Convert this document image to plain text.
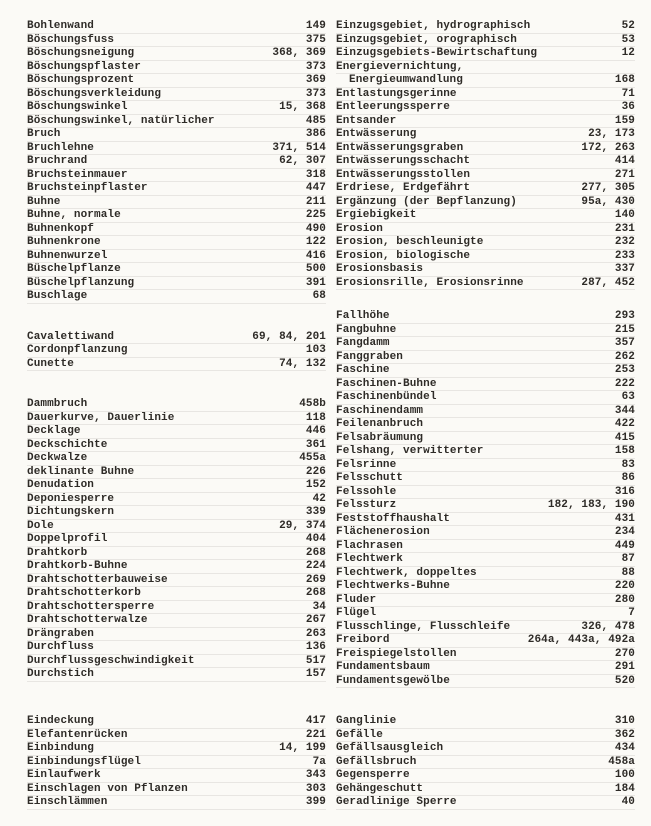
Bohlenwand	149
Böschungsfuss	375
Böschungsneigung	368, 369
Böschungspflaster	373
Böschungsprozent	369
Böschungsverkleidung	373
Böschungswinkel	15, 368
Böschungswinkel, natürlicher	485
Bruch	386
Bruchlehne	371, 514
Bruchrand	62, 307
Bruchsteinmauer	318
Bruchsteinpflaster	447
Buhne	211
Buhne, normale	225
Buhnenkopf	490
Buhnenkrone	122
Buhnenwurzel	416
Büschelpflanze	500
Büschelpflanzung	391
Buschlage	68
Cavalettiwand	69, 84, 201
Cordonpflanzung	103
Cunette	74, 132
Dammbruch	458b
Dauerkurve, Dauerlinie	118
Decklage	446
Deckschichte	361
Deckwalze	455a
deklinante Buhne	226
Denudation	152
Deponiesperre	42
Dichtungskern	339
Dole	29, 374
Doppelprofil	404
Drahtkorb	268
Drahtkorb-Buhne	224
Drahtschotterbauweise	269
Drahtschotterkorb	268
Drahtschottersperre	34
Drahtschotterwalze	267
Drängraben	263
Durchfluss	136
Durchflussgeschwindigkeit	517
Durchstich	157
Eindeckung	417
Elefantenrücken	221
Einbindung	14, 199
Einbindungsflügel	7a
Einlaufwerk	343
Einschlagen von Pflanzen	303
Einschlämmen	399
Einzugsgebiet, hydrographisch	52
Einzugsgebiet, orographisch	53
Einzugsgebiets-Bewirtschaftung	12
Energievernichtung,
Energieumwandlung	168
Entlastungsgerinne	71
Entleerungssperre	36
Entsander	159
Entwässerung	23, 173
Entwässerungsgraben	172, 263
Entwässerungsschacht	414
Entwässerungsstollen	271
Erdriese, Erdgefährt	277, 305
Ergänzung (der Bepflanzung)	95a, 430
Ergiebigkeit	140
Erosion	231
Erosion, beschleunigte	232
Erosion, biologische	233
Erosionsbasis	337
Erosionsrille, Erosionsrinne	287, 452
Fallhöhe	293
Fangbuhne	215
Fangdamm	357
Fanggraben	262
Faschine	253
Faschinen-Buhne	222
Faschinenbündel	63
Faschinendamm	344
Feilenanbruch	422
Felsabräumung	415
Felshang, verwitterter	158
Felsrinne	83
Felsschutt	86
Felssohle	316
Felssturz	182, 183, 190
Feststoffhaushalt	431
Flächenerosion	234
Flachrasen	449
Flechtwerk	87
Flechtwerk, doppeltes	88
Flechtwerks-Buhne	220
Fluder	280
Flügel	7
Flusschlinge, Flusschleife	326, 478
Freibord	264a, 443a, 492a
Freispiegelstollen	270
Fundamentsbaum	291
Fundamentsgewölbe	520
Ganglinie	310
Gefälle	362
Gefällsausgleich	434
Gefällsbruch	458a
Gegensperre	100
Gehängeschutt	184
Geradlinige Sperre	40
